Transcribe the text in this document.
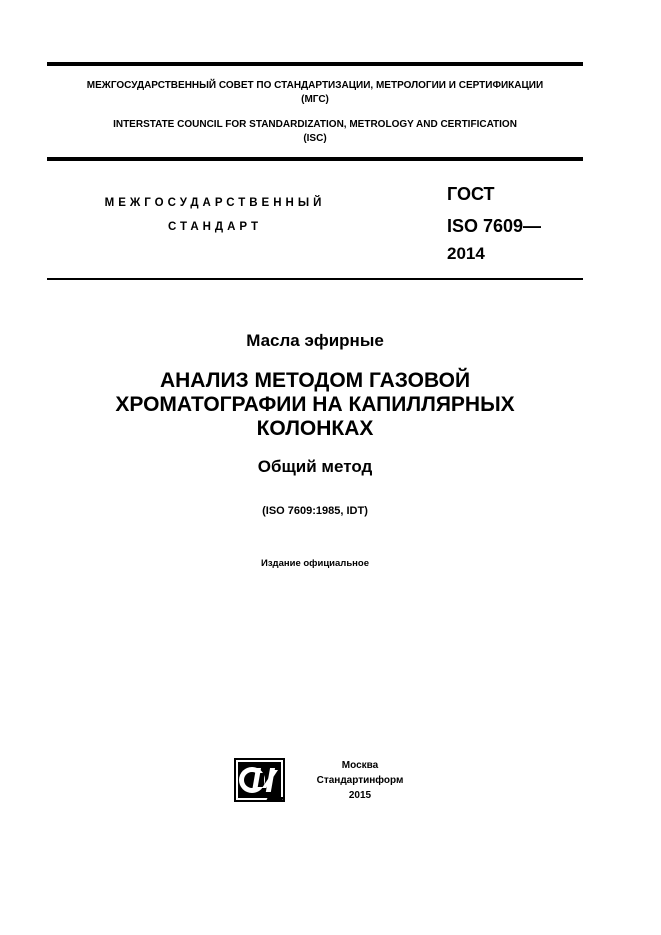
МЕЖГОСУДАРСТВЕННЫЙ СОВЕТ ПО СТАНДАРТИЗАЦИИ, МЕТРОЛОГИИ И СЕРТИФИКАЦИИ
(МГС)
INTERSTATE COUNCIL FOR STANDARDIZATION, METROLOGY AND CERTIFICATION
(ISC)
МЕЖГОСУДАРСТВЕННЫЙ
СТАНДАРТ
ГОСТ
ISO 7609—
2014
Масла эфирные
АНАЛИЗ МЕТОДОМ ГАЗОВОЙ
ХРОМАТОГРАФИИ НА КАПИЛЛЯРНЫХ
КОЛОНКАХ
Общий метод
(ISO 7609:1985, IDT)
Издание официальное
Москва
Стандартинформ
2015
